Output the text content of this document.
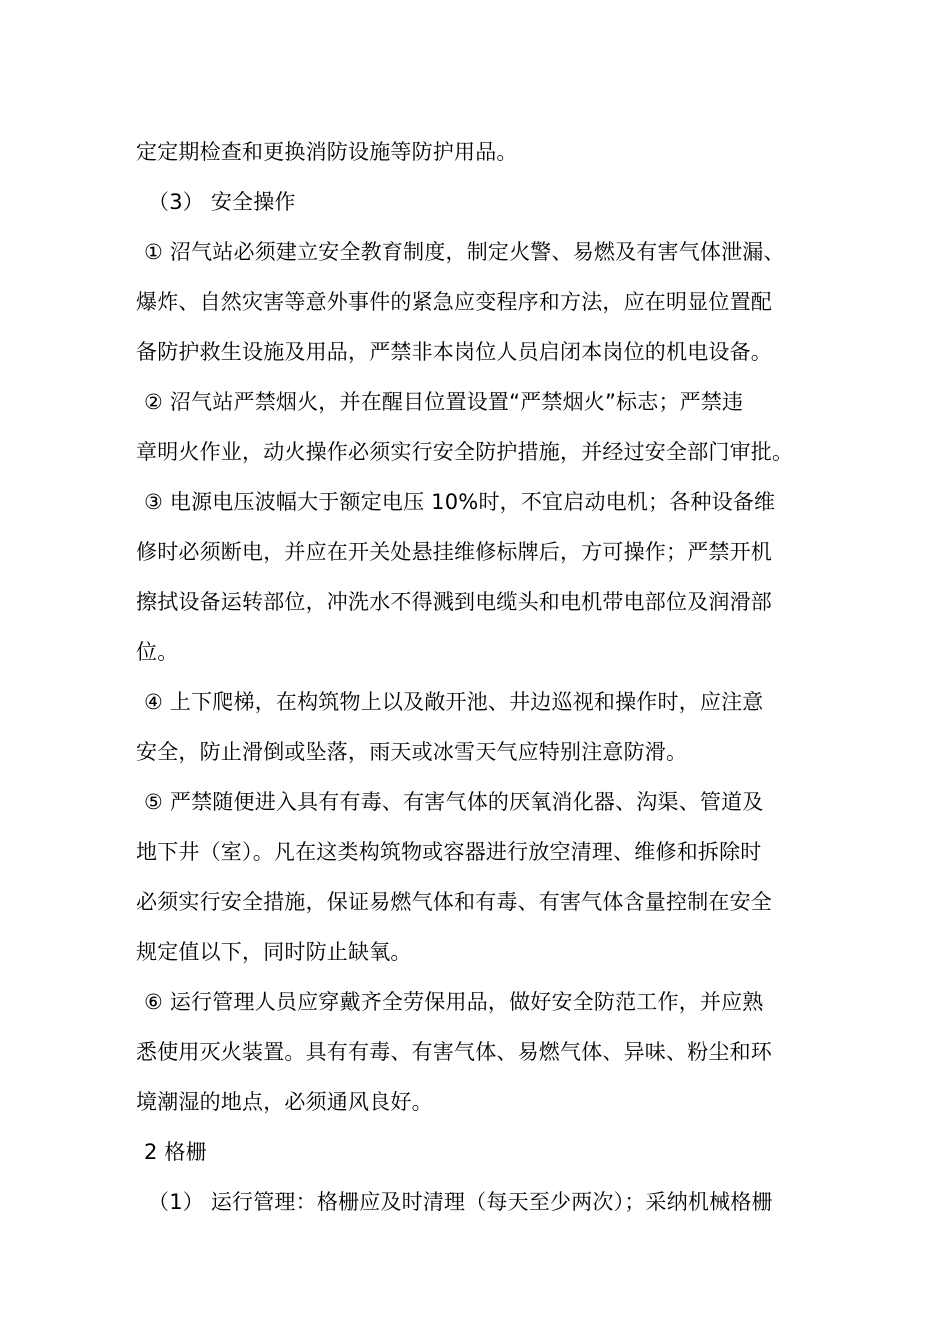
定定期检查和更换消防设施等防护用品。
（3） 安全操作
① 沼气站必须建立安全教育制度，制定火警、易燃及有害气体泄漏、
爆炸、自然灾害等意外事件的紧急应变程序和方法，应在明显位置配
备防护救生设施及用品，严禁非本岗位人员启闭本岗位的机电设备。
② 沼气站严禁烟火，并在醒目位置设置“严禁烟火”标志；严禁违
章明火作业，动火操作必须实行安全防护措施，并经过安全部门审批。
③ 电源电压波幅大于额定电压 10%时，不宜启动电机；各种设备维
修时必须断电，并应在开关处悬挂维修标牌后，方可操作；严禁开机
擦拭设备运转部位，冲洗水不得溅到电缆头和电机带电部位及润滑部
位。
④ 上下爬梯，在构筑物上以及敞开池、井边巡视和操作时，应注意
安全，防止滑倒或坠落，雨天或冰雪天气应特别注意防滑。
⑤ 严禁随便进入具有有毒、有害气体的厌氧消化器、沟渠、管道及
地下井（室）。凡在这类构筑物或容器进行放空清理、维修和拆除时
必须实行安全措施，保证易燃气体和有毒、有害气体含量控制在安全
规定值以下，同时防止缺氧。
⑥ 运行管理人员应穿戴齐全劳保用品，做好安全防范工作，并应熟
悉使用灭火装置。具有有毒、有害气体、易燃气体、异味、粉尘和环
境潮湿的地点，必须通风良好。
2 格栅
（1） 运行管理：格栅应及时清理（每天至少两次）；采纳机械格栅
